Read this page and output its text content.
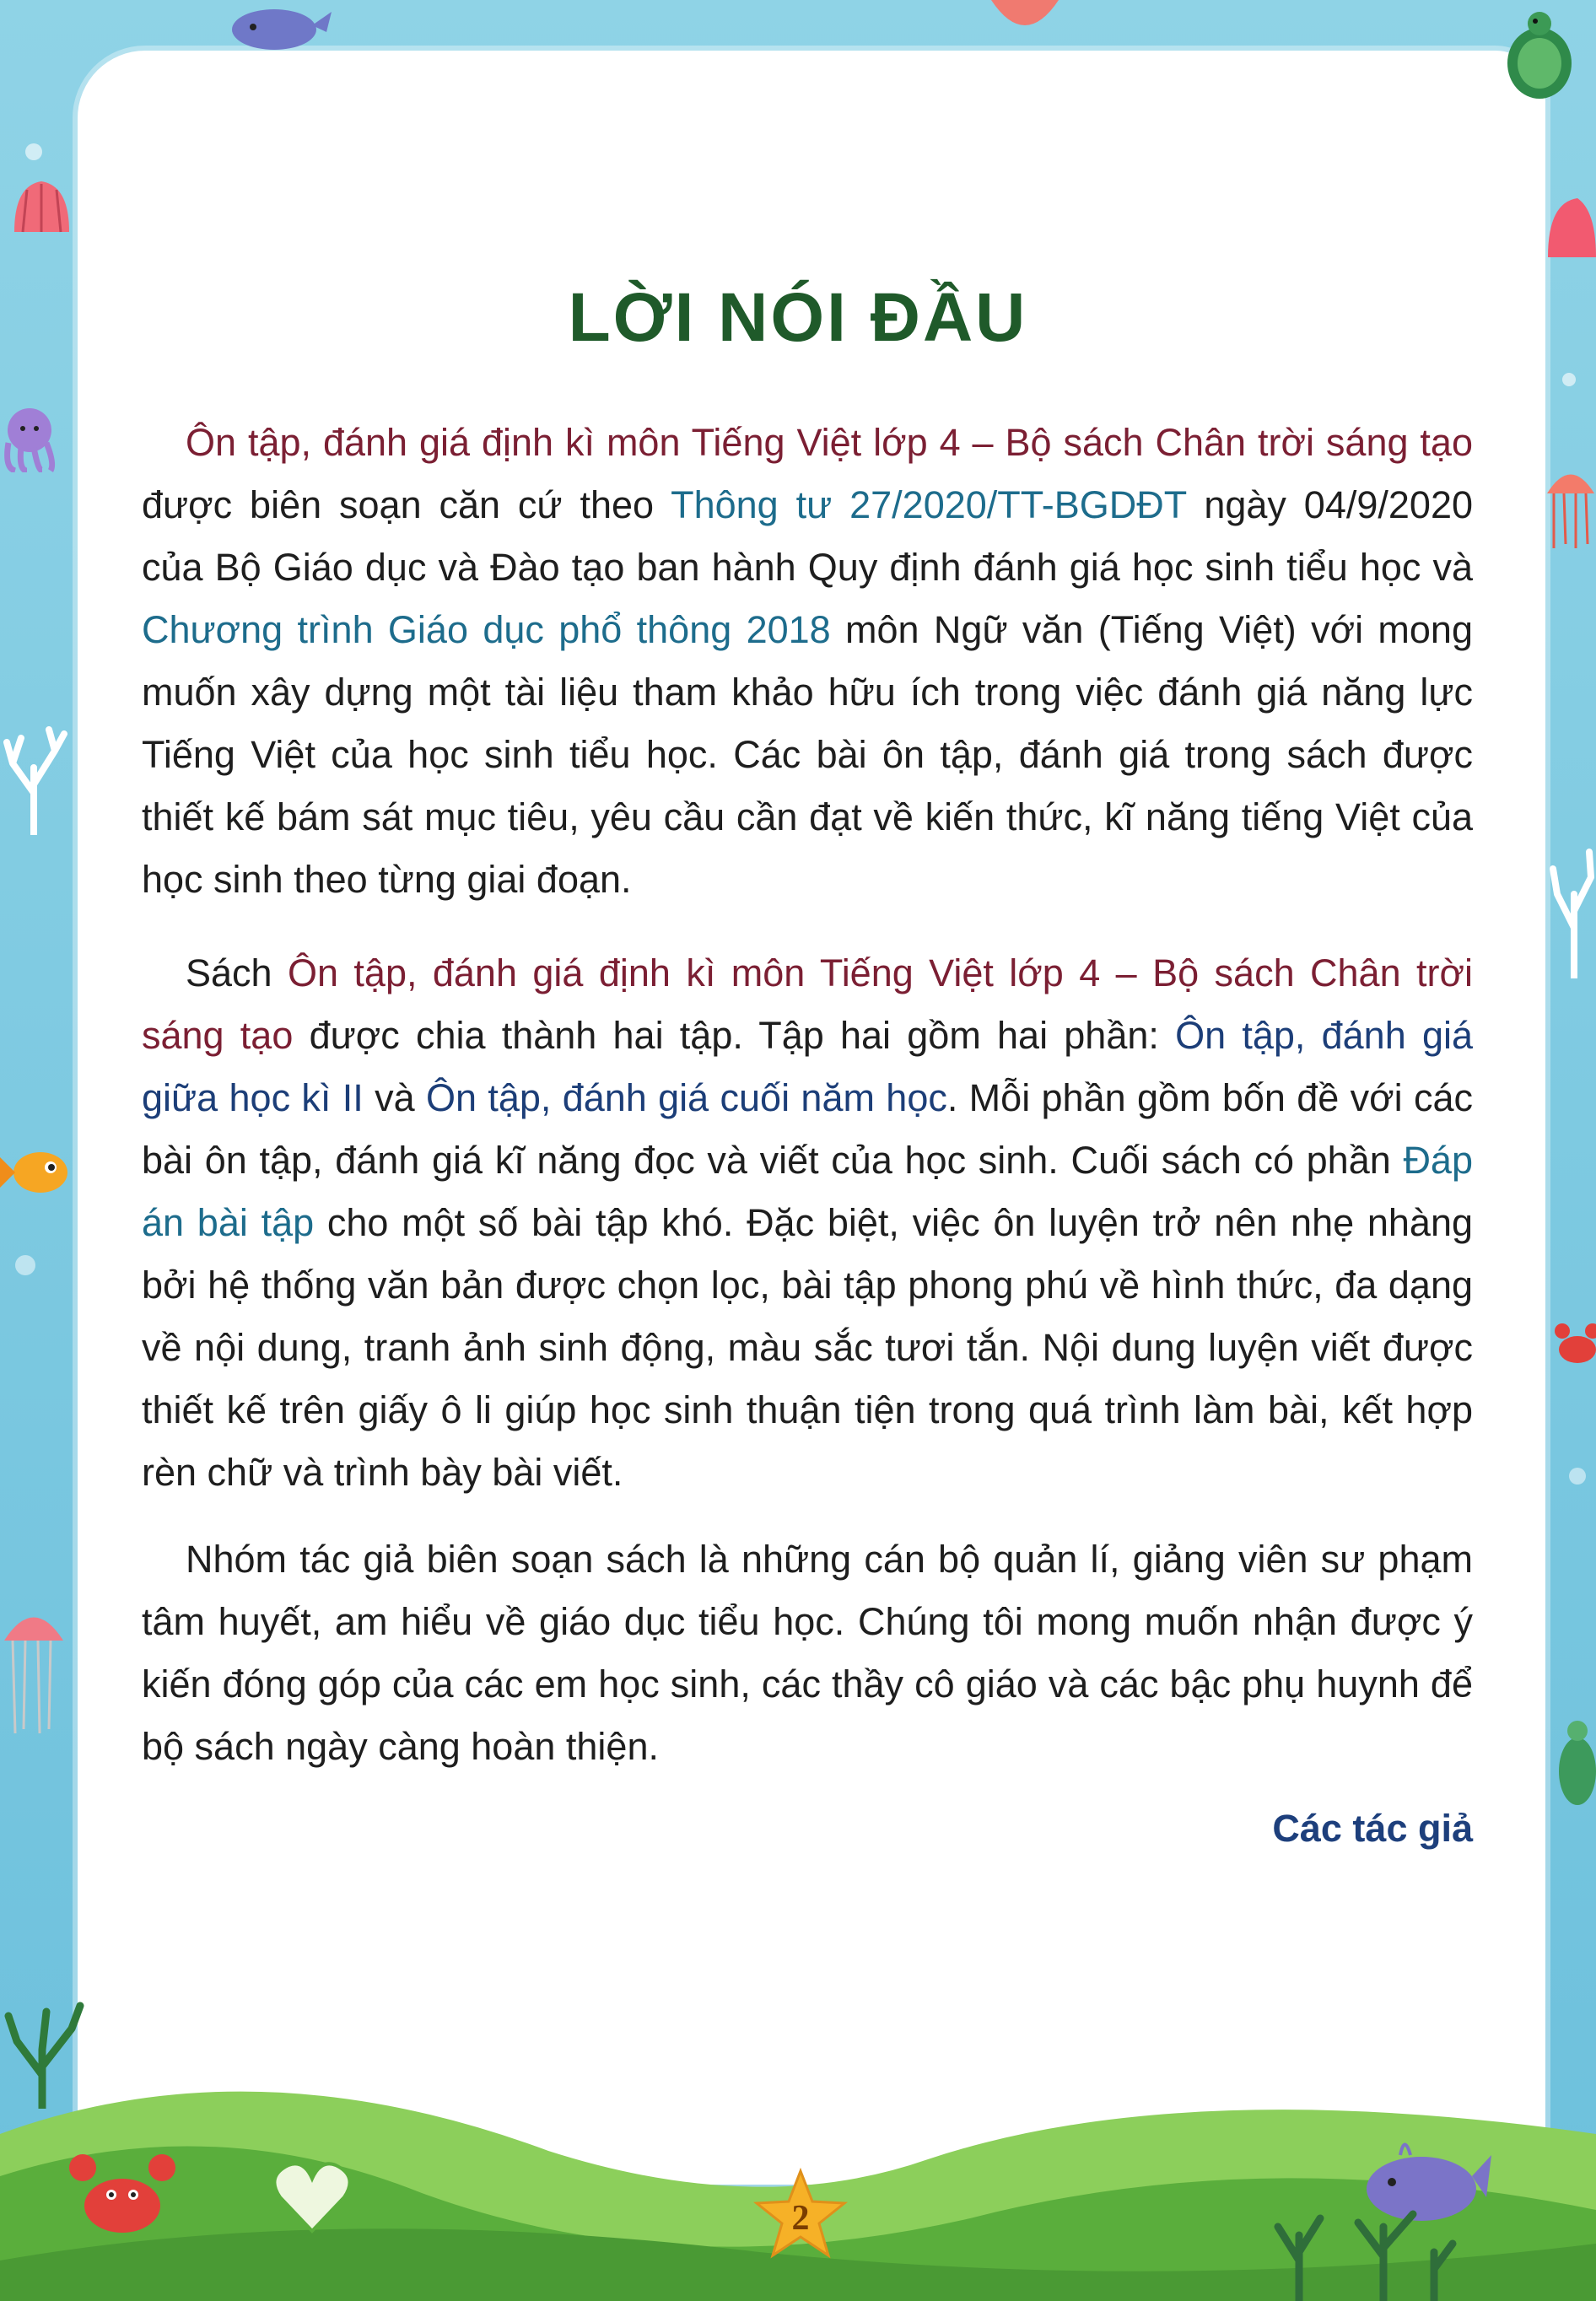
2
LỜI NÓI ĐẦU
Ôn tập, đánh giá định kì môn Tiếng Việt lớp 4 – Bộ sách Chân trời sáng tạo được biên soạn căn cứ theo Thông tư 27/2020/TT-BGDĐT ngày 04/9/2020 của Bộ Giáo dục và Đào tạo ban hành Quy định đánh giá học sinh tiểu học và Chương trình Giáo dục phổ thông 2018 môn Ngữ văn (Tiếng Việt) với mong muốn xây dựng một tài liệu tham khảo hữu ích trong việc đánh giá năng lực Tiếng Việt của học sinh tiểu học. Các bài ôn tập, đánh giá trong sách được thiết kế bám sát mục tiêu, yêu cầu cần đạt về kiến thức, kĩ năng tiếng Việt của học sinh theo từng giai đoạn.
Sách Ôn tập, đánh giá định kì môn Tiếng Việt lớp 4 – Bộ sách Chân trời sáng tạo được chia thành hai tập. Tập hai gồm hai phần: Ôn tập, đánh giá giữa học kì II và Ôn tập, đánh giá cuối năm học. Mỗi phần gồm bốn đề với các bài ôn tập, đánh giá kĩ năng đọc và viết của học sinh. Cuối sách có phần Đáp án bài tập cho một số bài tập khó. Đặc biệt, việc ôn luyện trở nên nhẹ nhàng bởi hệ thống văn bản được chọn lọc, bài tập phong phú về hình thức, đa dạng về nội dung, tranh ảnh sinh động, màu sắc tươi tắn. Nội dung luyện viết được thiết kế trên giấy ô li giúp học sinh thuận tiện trong quá trình làm bài, kết hợp rèn chữ và trình bày bài viết.
Nhóm tác giả biên soạn sách là những cán bộ quản lí, giảng viên sư phạm tâm huyết, am hiểu về giáo dục tiểu học. Chúng tôi mong muốn nhận được ý kiến đóng góp của các em học sinh, các thầy cô giáo và các bậc phụ huynh để bộ sách ngày càng hoàn thiện.
Các tác giả
